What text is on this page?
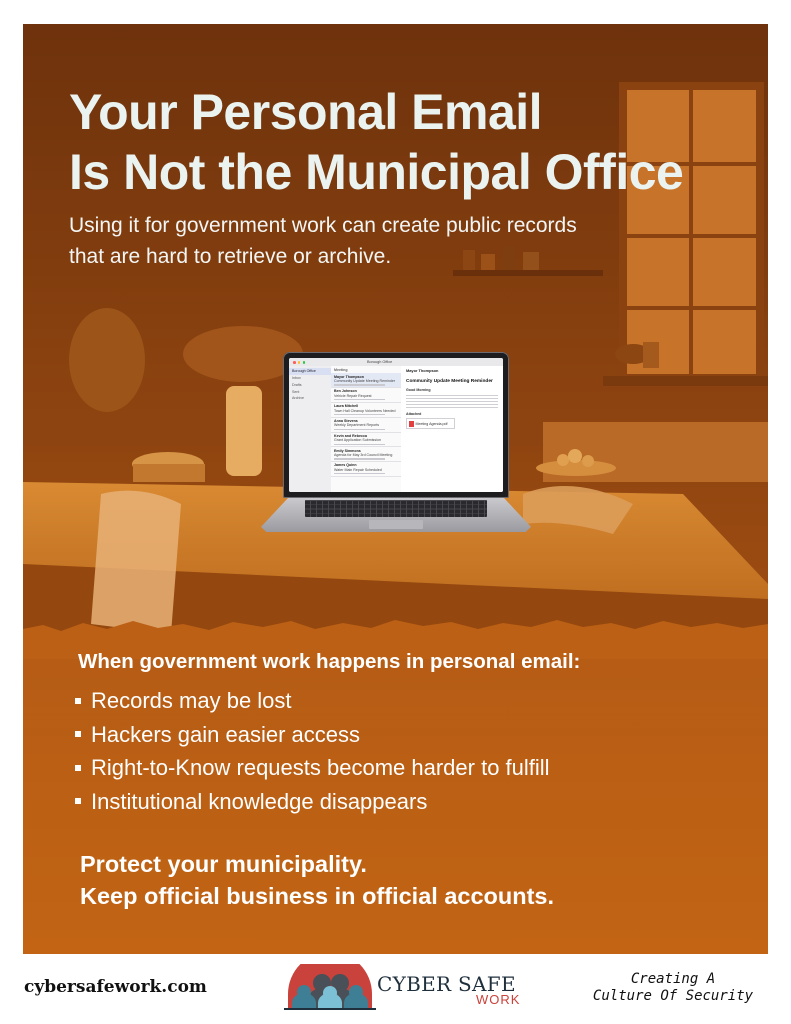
Your Personal Email
Is Not the Municipal Office

Using it for government work can create public records
that are hard to retrieve or archive.

Borough Office
Borough Office
Inbox
Drafts
Sent
Archive
Meeting
Mayor Thompson
Community Update Meeting Reminder
Ben Johnson
Vehicle Repair Request
Laura Mitchell
Town Hall Cleanup Volunteers Needed
Anna Stevens
Weekly Department Reports
Kevin and Rebecca
Grant Application Submission
Emily Simmons
Agenda for May 3rd Council Meeting
James Quinn
Water Main Repair Scheduled
Mayor Thompson
Community Update Meeting Reminder
Good Morning
Attached
Meeting Agenda.pdf
When government work happens in personal email:
Records may be lost
Hackers gain easier access
Right-to-Know requests become harder to fulfill
Institutional knowledge disappears

Protect your municipality.
Keep official business in official accounts.

cybersafework.com	CYBER SAFE
WORK
Creating A
Culture Of Security
